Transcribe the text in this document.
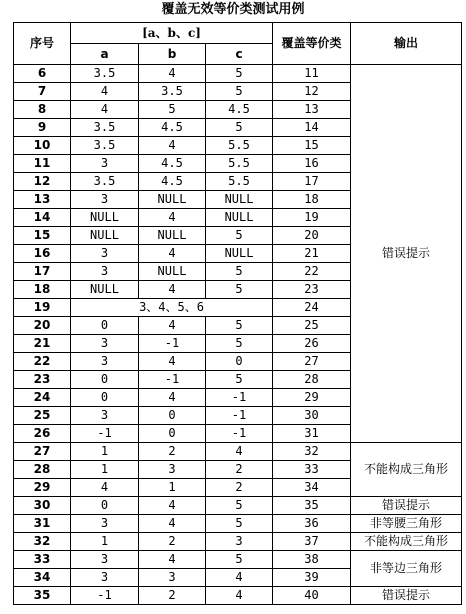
覆盖无效等价类测试用例
序号	[a、b、c]			覆盖等价类	输出
	a	b	c		
6	3.5	4	5	11	错误提示
7	4	3.5	5	12	
8	4	5	4.5	13	
9	3.5	4.5	5	14	
10	3.5	4	5.5	15	
11	3	4.5	5.5	16	
12	3.5	4.5	5.5	17	
13	3	NULL	NULL	18	
14	NULL	4	NULL	19	
15	NULL	NULL	5	20	
16	3	4	NULL	21	
17	3	NULL	5	22	
18	NULL	4	5	23	
19	3、4、5、6			24	
20	0	4	5	25	
21	3	-1	5	26	
22	3	4	0	27	
23	0	-1	5	28	
24	0	4	-1	29	
25	3	0	-1	30	
26	-1	0	-1	31	
27	1	2	4	32	不能构成三角形
28	1	3	2	33	
29	4	1	2	34	
30	0	4	5	35	错误提示
31	3	4	5	36	非等腰三角形
32	1	2	3	37	不能构成三角形
33	3	4	5	38	非等边三角形
34	3	3	4	39	
35	-1	2	4	40	错误提示
